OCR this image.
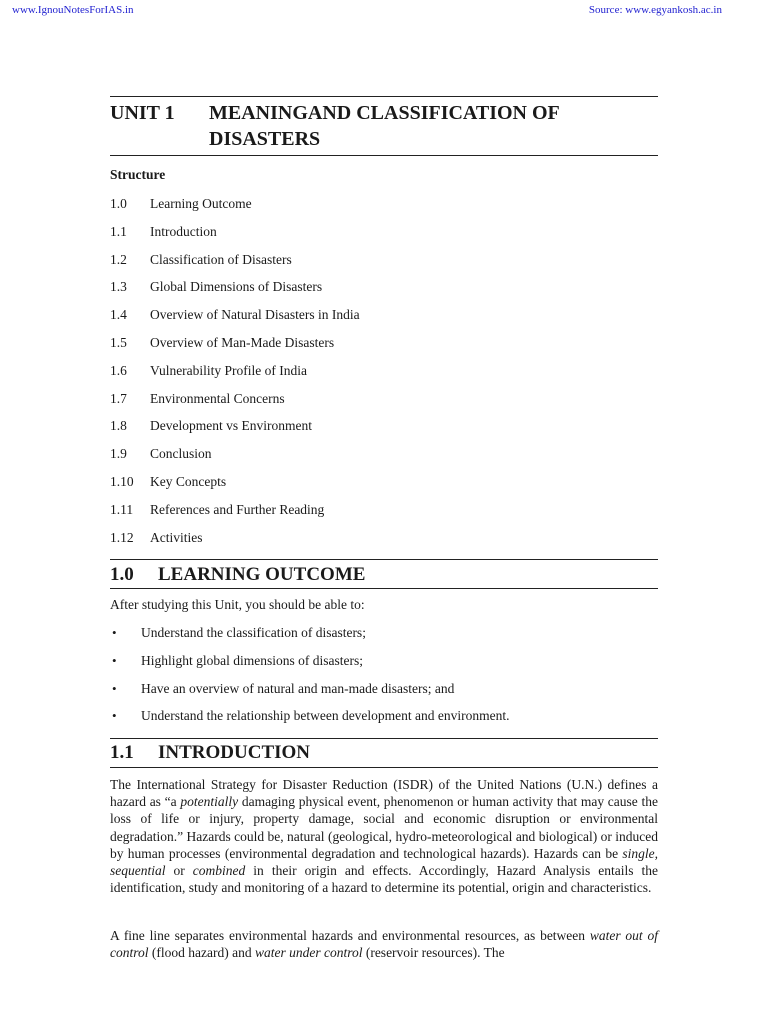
www.IgnouNotesForIAS.in	Source: www.egyankosh.ac.in
UNIT 1	MEANINGAND CLASSIFICATION OF
DISASTERS
Structure
1.0	Learning Outcome
1.1	Introduction
1.2	Classification of Disasters
1.3	Global Dimensions of Disasters
1.4	Overview of Natural Disasters in India
1.5	Overview of Man-Made Disasters
1.6	Vulnerability Profile of India
1.7	Environmental Concerns
1.8	Development vs Environment
1.9	Conclusion
1.10	Key Concepts
1.11	References and Further Reading
1.12	Activities
1.0	LEARNING OUTCOME

After studying this Unit, you should be able to:

•	Understand the classification of disasters;
•	Highlight global dimensions of disasters;
•	Have an overview of natural and man-made disasters; and
•	Understand the relationship between development and environment.
1.1	INTRODUCTION

The International Strategy for Disaster Reduction (ISDR) of the United Nations (U.N.) defines a hazard as “a potentially damaging physical event, phenomenon or human activity that may cause the loss of life or injury, property damage, social and economic disruption or environmental degradation.” Hazards could be, natural (geological, hydro-meteorological and biological) or induced by human processes (environmental degradation and technological hazards). Hazards can be single, sequential or combined in their origin and effects. Accordingly, Hazard Analysis entails the identification, study and monitoring of a hazard to determine its potential, origin and characteristics.

A fine line separates environmental hazards and environmental resources, as between water out of control (flood hazard) and water under control (reservoir resources). The
